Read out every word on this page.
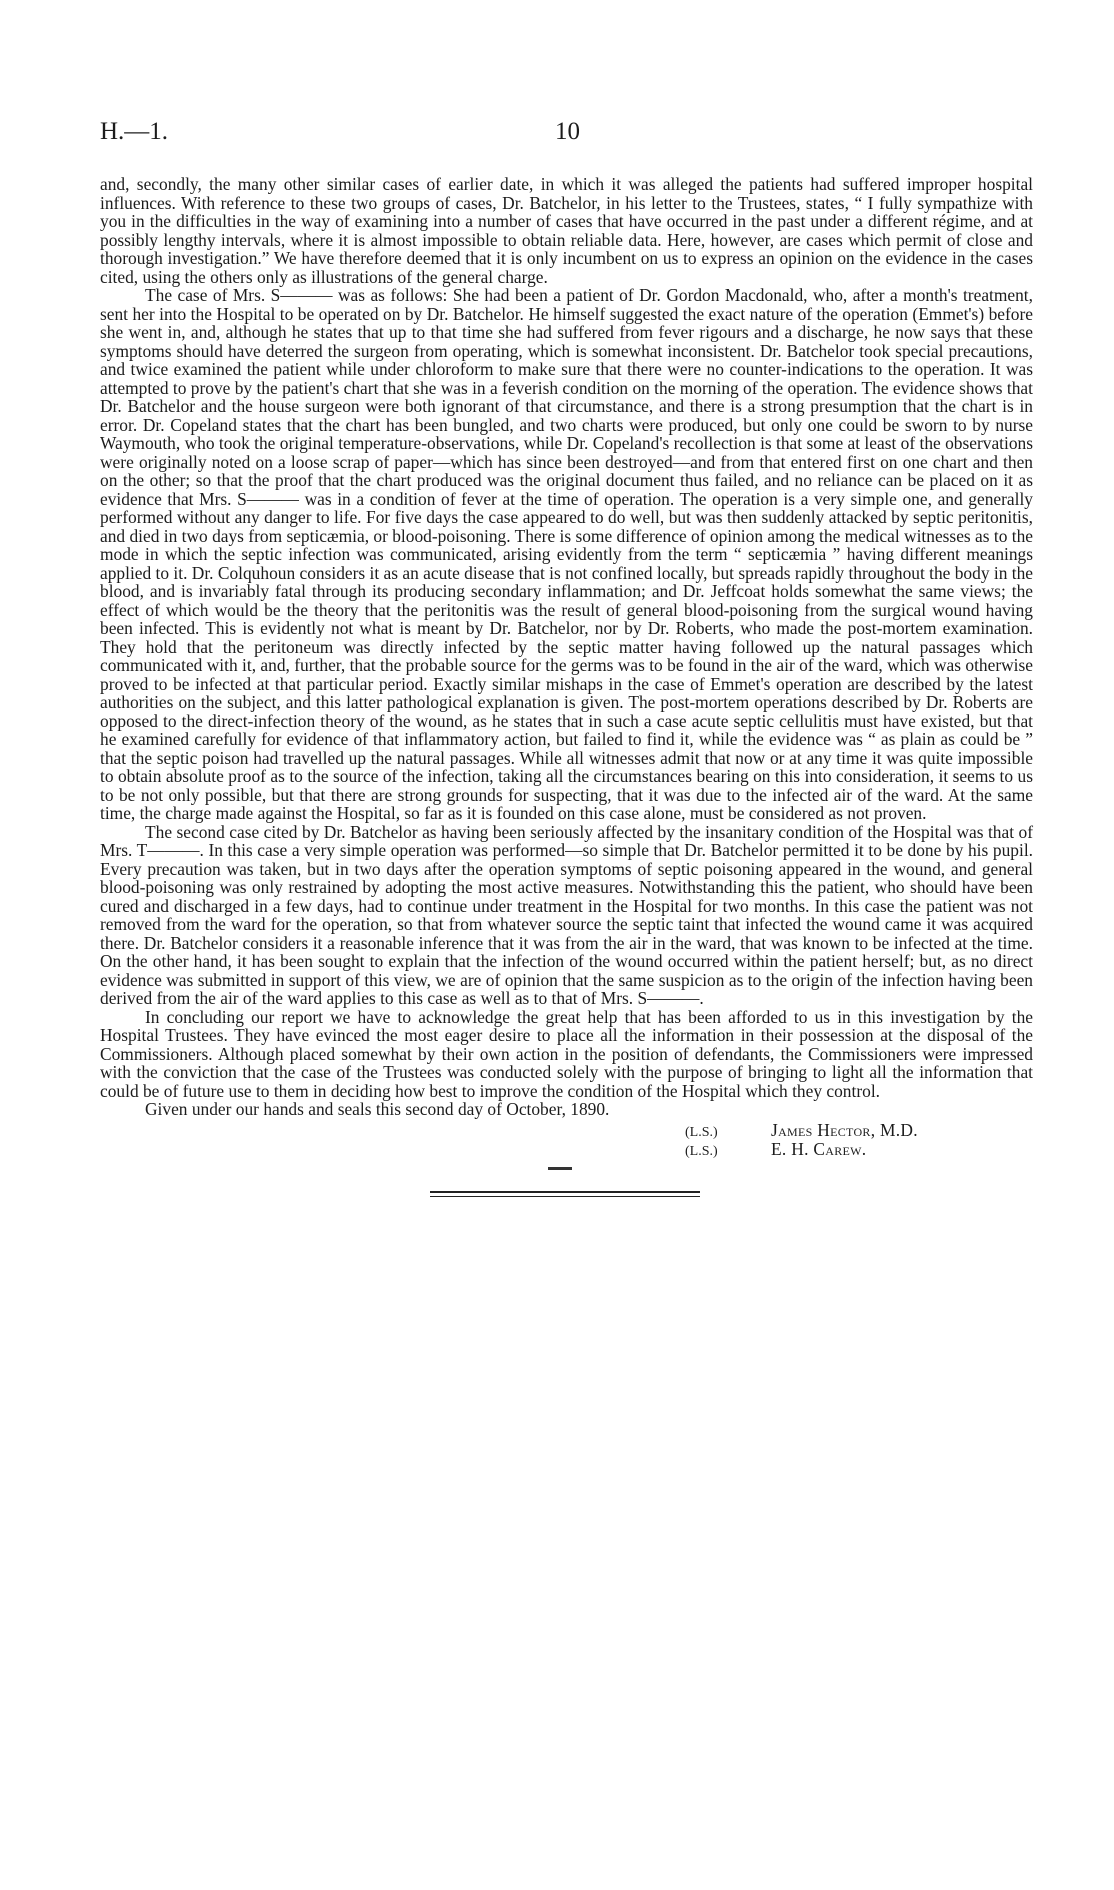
H.—1.	10

and, secondly, the many other similar cases of earlier date, in which it was alleged the patients had suffered improper hospital influences. With reference to these two groups of cases, Dr. Batchelor, in his letter to the Trustees, states, “ I fully sympathize with you in the difficulties in the way of examining into a number of cases that have occurred in the past under a different régime, and at possibly lengthy intervals, where it is almost impossible to obtain reliable data. Here, however, are cases which permit of close and thorough investigation.” We have therefore deemed that it is only incumbent on us to express an opinion on the evidence in the cases cited, using the others only as illustrations of the general charge.

The case of Mrs. S——— was as follows: She had been a patient of Dr. Gordon Macdonald, who, after a month's treatment, sent her into the Hospital to be operated on by Dr. Batchelor. He himself suggested the exact nature of the operation (Emmet's) before she went in, and, although he states that up to that time she had suffered from fever rigours and a discharge, he now says that these symptoms should have deterred the surgeon from operating, which is somewhat inconsistent. Dr. Batchelor took special precautions, and twice examined the patient while under chloroform to make sure that there were no counter-indications to the operation. It was attempted to prove by the patient's chart that she was in a feverish condition on the morning of the operation. The evidence shows that Dr. Batchelor and the house surgeon were both ignorant of that circumstance, and there is a strong presumption that the chart is in error. Dr. Copeland states that the chart has been bungled, and two charts were produced, but only one could be sworn to by nurse Waymouth, who took the original temperature-observations, while Dr. Copeland's recollection is that some at least of the observations were originally noted on a loose scrap of paper—which has since been destroyed—and from that entered first on one chart and then on the other; so that the proof that the chart produced was the original document thus failed, and no reliance can be placed on it as evidence that Mrs. S——— was in a condition of fever at the time of operation. The operation is a very simple one, and generally performed without any danger to life. For five days the case appeared to do well, but was then suddenly attacked by septic peritonitis, and died in two days from septicæmia, or blood-poisoning. There is some difference of opinion among the medical witnesses as to the mode in which the septic infection was communicated, arising evidently from the term “ septicæmia ” having different meanings applied to it. Dr. Colquhoun considers it as an acute disease that is not confined locally, but spreads rapidly throughout the body in the blood, and is invariably fatal through its producing secondary inflammation; and Dr. Jeffcoat holds somewhat the same views; the effect of which would be the theory that the peritonitis was the result of general blood-poisoning from the surgical wound having been infected. This is evidently not what is meant by Dr. Batchelor, nor by Dr. Roberts, who made the post-mortem examination. They hold that the peritoneum was directly infected by the septic matter having followed up the natural passages which communicated with it, and, further, that the probable source for the germs was to be found in the air of the ward, which was otherwise proved to be infected at that particular period. Exactly similar mishaps in the case of Emmet's operation are described by the latest authorities on the subject, and this latter pathological explanation is given. The post-mortem operations described by Dr. Roberts are opposed to the direct-infection theory of the wound, as he states that in such a case acute septic cellulitis must have existed, but that he examined carefully for evidence of that inflammatory action, but failed to find it, while the evidence was “ as plain as could be ” that the septic poison had travelled up the natural passages. While all witnesses admit that now or at any time it was quite impossible to obtain absolute proof as to the source of the infection, taking all the circumstances bearing on this into consideration, it seems to us to be not only possible, but that there are strong grounds for suspecting, that it was due to the infected air of the ward. At the same time, the charge made against the Hospital, so far as it is founded on this case alone, must be considered as not proven.

The second case cited by Dr. Batchelor as having been seriously affected by the insanitary condition of the Hospital was that of Mrs. T———. In this case a very simple operation was performed—so simple that Dr. Batchelor permitted it to be done by his pupil. Every precaution was taken, but in two days after the operation symptoms of septic poisoning appeared in the wound, and general blood-poisoning was only restrained by adopting the most active measures. Notwithstanding this the patient, who should have been cured and discharged in a few days, had to continue under treatment in the Hospital for two months. In this case the patient was not removed from the ward for the operation, so that from whatever source the septic taint that infected the wound came it was acquired there. Dr. Batchelor considers it a reasonable inference that it was from the air in the ward, that was known to be infected at the time. On the other hand, it has been sought to explain that the infection of the wound occurred within the patient herself; but, as no direct evidence was submitted in support of this view, we are of opinion that the same suspicion as to the origin of the infection having been derived from the air of the ward applies to this case as well as to that of Mrs. S———.

In concluding our report we have to acknowledge the great help that has been afforded to us in this investigation by the Hospital Trustees. They have evinced the most eager desire to place all the information in their possession at the disposal of the Commissioners. Although placed somewhat by their own action in the position of defendants, the Commissioners were impressed with the conviction that the case of the Trustees was conducted solely with the purpose of bringing to light all the information that could be of future use to them in deciding how best to improve the condition of the Hospital which they control.

Given under our hands and seals this second day of October, 1890.

(L.S.)	James Hector, M.D.
(L.S.)	E. H. Carew.
